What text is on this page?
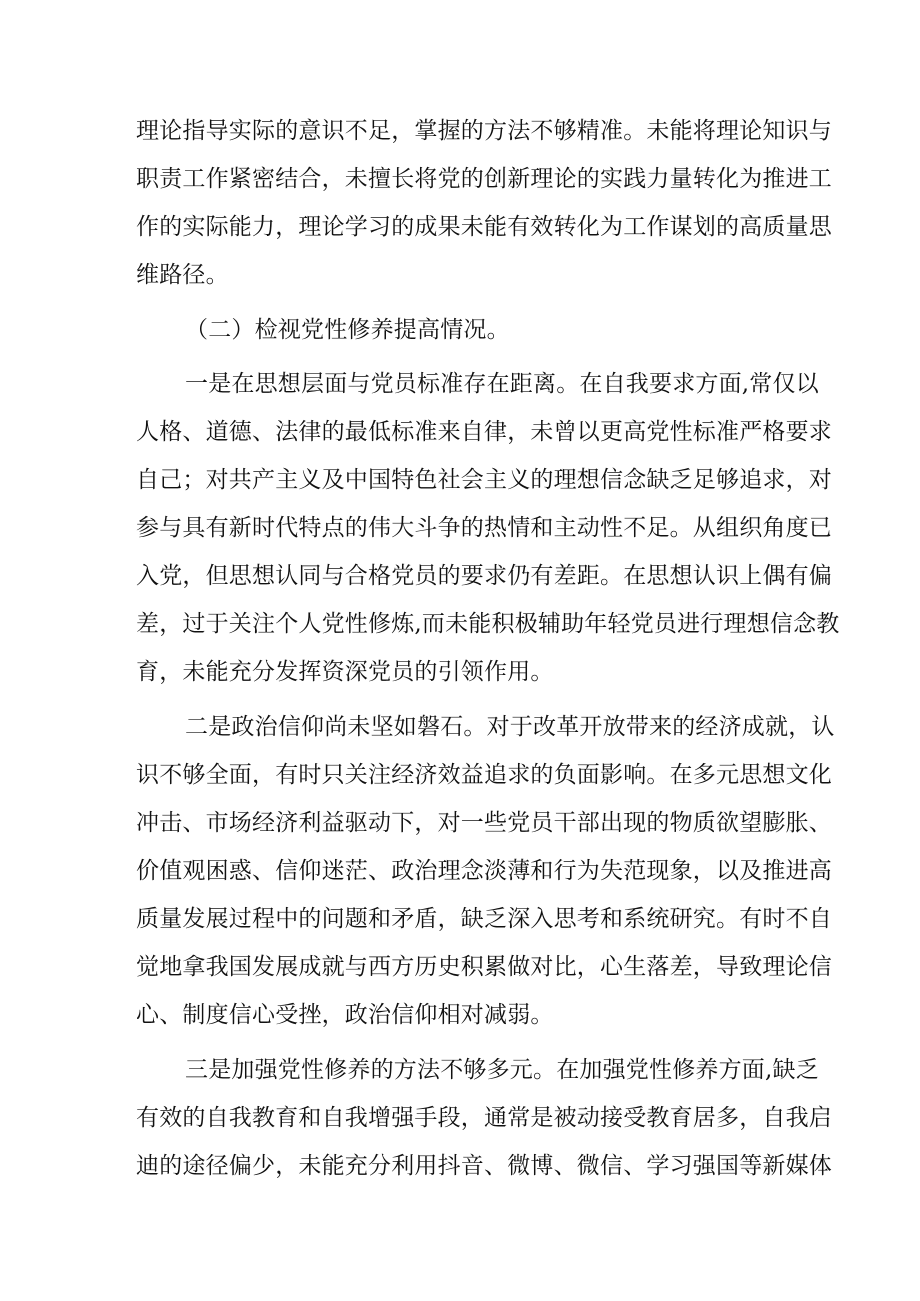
理论指导实际的意识不足，掌握的方法不够精准。未能将理论知识与
职责工作紧密结合，未擅长将党的创新理论的实践力量转化为推进工
作的实际能力，理论学习的成果未能有效转化为工作谋划的高质量思
维路径。
（二）检视党性修养提高情况。
一是在思想层面与党员标准存在距离。在自我要求方面,常仅以
人格、道德、法律的最低标准来自律，未曾以更高党性标准严格要求
自己；对共产主义及中国特色社会主义的理想信念缺乏足够追求，对
参与具有新时代特点的伟大斗争的热情和主动性不足。从组织角度已
入党，但思想认同与合格党员的要求仍有差距。在思想认识上偶有偏
差，过于关注个人党性修炼,而未能积极辅助年轻党员进行理想信念教
育，未能充分发挥资深党员的引领作用。
二是政治信仰尚未坚如磐石。对于改革开放带来的经济成就，认
识不够全面，有时只关注经济效益追求的负面影响。在多元思想文化
冲击、市场经济利益驱动下，对一些党员干部出现的物质欲望膨胀、
价值观困惑、信仰迷茫、政治理念淡薄和行为失范现象，以及推进高
质量发展过程中的问题和矛盾，缺乏深入思考和系统研究。有时不自
觉地拿我国发展成就与西方历史积累做对比，心生落差，导致理论信
心、制度信心受挫，政治信仰相对减弱。
三是加强党性修养的方法不够多元。在加强党性修养方面,缺乏
有效的自我教育和自我增强手段，通常是被动接受教育居多，自我启
迪的途径偏少，未能充分利用抖音、微博、微信、学习强国等新媒体
